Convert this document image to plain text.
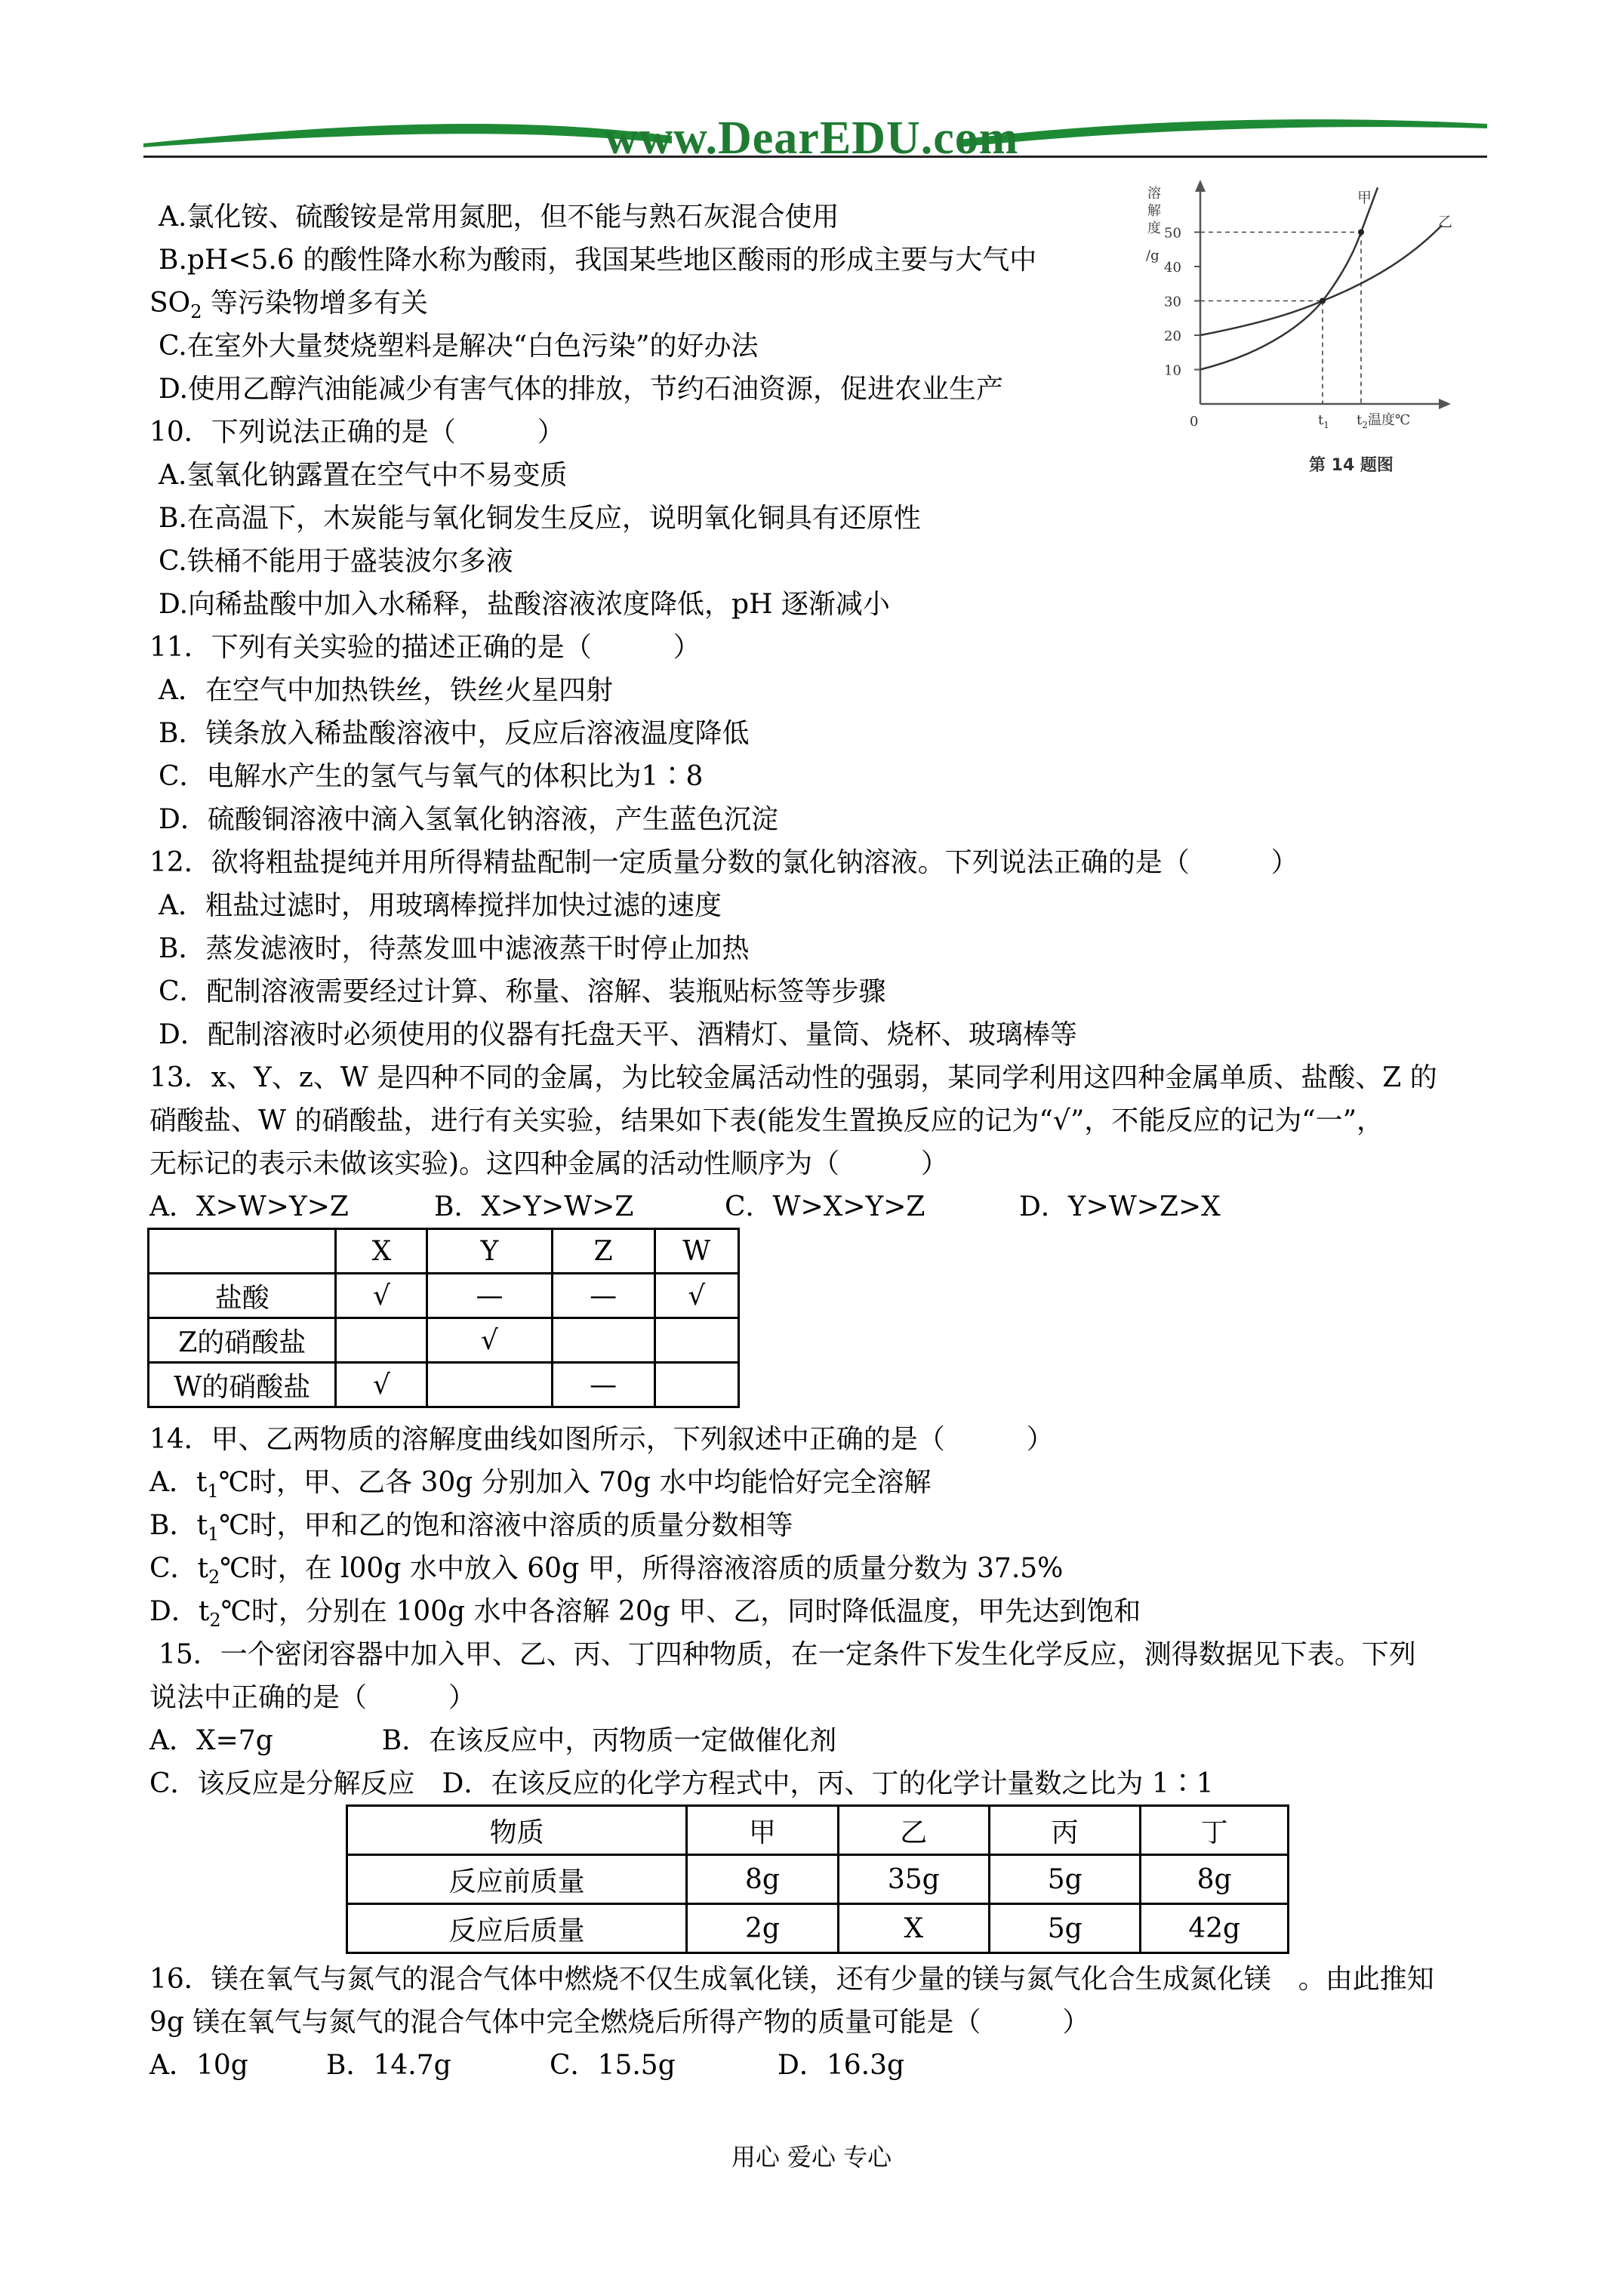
www.DearEDU.com
A.氯化铵、硫酸铵是常用氮肥，但不能与熟石灰混合使用
B.pH<5.6 的酸性降水称为酸雨，我国某些地区酸雨的形成主要与大气中
$SO_2$ 等污染物增多有关
C.在室外大量焚烧塑料是解决“白色污染”的好办法
D.使用乙醇汽油能减少有害气体的排放，节约石油资源，促进农业生产
10．下列说法正确的是（　　　）
A.氢氧化钠露置在空气中不易变质
B.在高温下，木炭能与氧化铜发生反应，说明氧化铜具有还原性
C.铁桶不能用于盛装波尔多液
D.向稀盐酸中加入水稀释，盐酸溶液浓度降低，pH 逐渐减小
11．下列有关实验的描述正确的是（　　　）
A．在空气中加热铁丝，铁丝火星四射
B．镁条放入稀盐酸溶液中，反应后溶液温度降低
C．电解水产生的氢气与氧气的体积比为1∶8
D．硫酸铜溶液中滴入氢氧化钠溶液，产生蓝色沉淀
12．欲将粗盐提纯并用所得精盐配制一定质量分数的氯化钠溶液。下列说法正确的是（　　　）
A．粗盐过滤时，用玻璃棒搅拌加快过滤的速度
B．蒸发滤液时，待蒸发皿中滤液蒸干时停止加热
C．配制溶液需要经过计算、称量、溶解、装瓶贴标签等步骤
D．配制溶液时必须使用的仪器有托盘天平、酒精灯、量筒、烧杯、玻璃棒等
13．x、Y、z、W 是四种不同的金属，为比较金属活动性的强弱，某同学利用这四种金属单质、盐酸、Z 的
硝酸盐、W 的硝酸盐，进行有关实验，结果如下表(能发生置换反应的记为“√”，不能反应的记为“一”，
无标记的表示未做该实验)。这四种金属的活动性顺序为（　　　）
A．X>W>Y>Z	B．X>Y>W>Z	C．W>X>Y>Z	D．Y>W>Z>X
	X	Y	Z	W
盐酸	√	—	—	√
Z的硝酸盐		√		
W的硝酸盐	√		—	
14．甲、乙两物质的溶解度曲线如图所示，下列叙述中正确的是（　　　）
A．$t_1℃$时，甲、乙各 30g 分别加入 70g 水中均能恰好完全溶解
B．$t_1℃$时，甲和乙的饱和溶液中溶质的质量分数相等
C．$t_2℃$时，在 l00g 水中放入 60g 甲，所得溶液溶质的质量分数为 37.5%
D．$t_2℃$时，分别在 100g 水中各溶解 20g 甲、乙，同时降低温度，甲先达到饱和
溶
解
度
/g
0	温度℃
第 14 题图
10
20
30
40
50
$t_1$ $t_2$
甲
乙
15．一个密闭容器中加入甲、乙、丙、丁四种物质，在一定条件下发生化学反应，测得数据见下表。下列
说法中正确的是（　　　）
A．X=7g　　　　B．在该反应中，丙物质一定做催化剂
C．该反应是分解反应　D．在该反应的化学方程式中，丙、丁的化学计量数之比为 1∶1
物质	甲	乙	丙	丁
反应前质量	8g	35g	5g	8g
反应后质量	2g	X	5g	42g
16．镁在氧气与氮气的混合气体中燃烧不仅生成氧化镁，还有少量的镁与氮气化合生成氮化镁　。由此推知
9g 镁在氧气与氮气的混合气体中完全燃烧后所得产物的质量可能是（　　　）
A．10g	B．14.7g	C．15.5g	D．16.3g
用心 爱心 专心
